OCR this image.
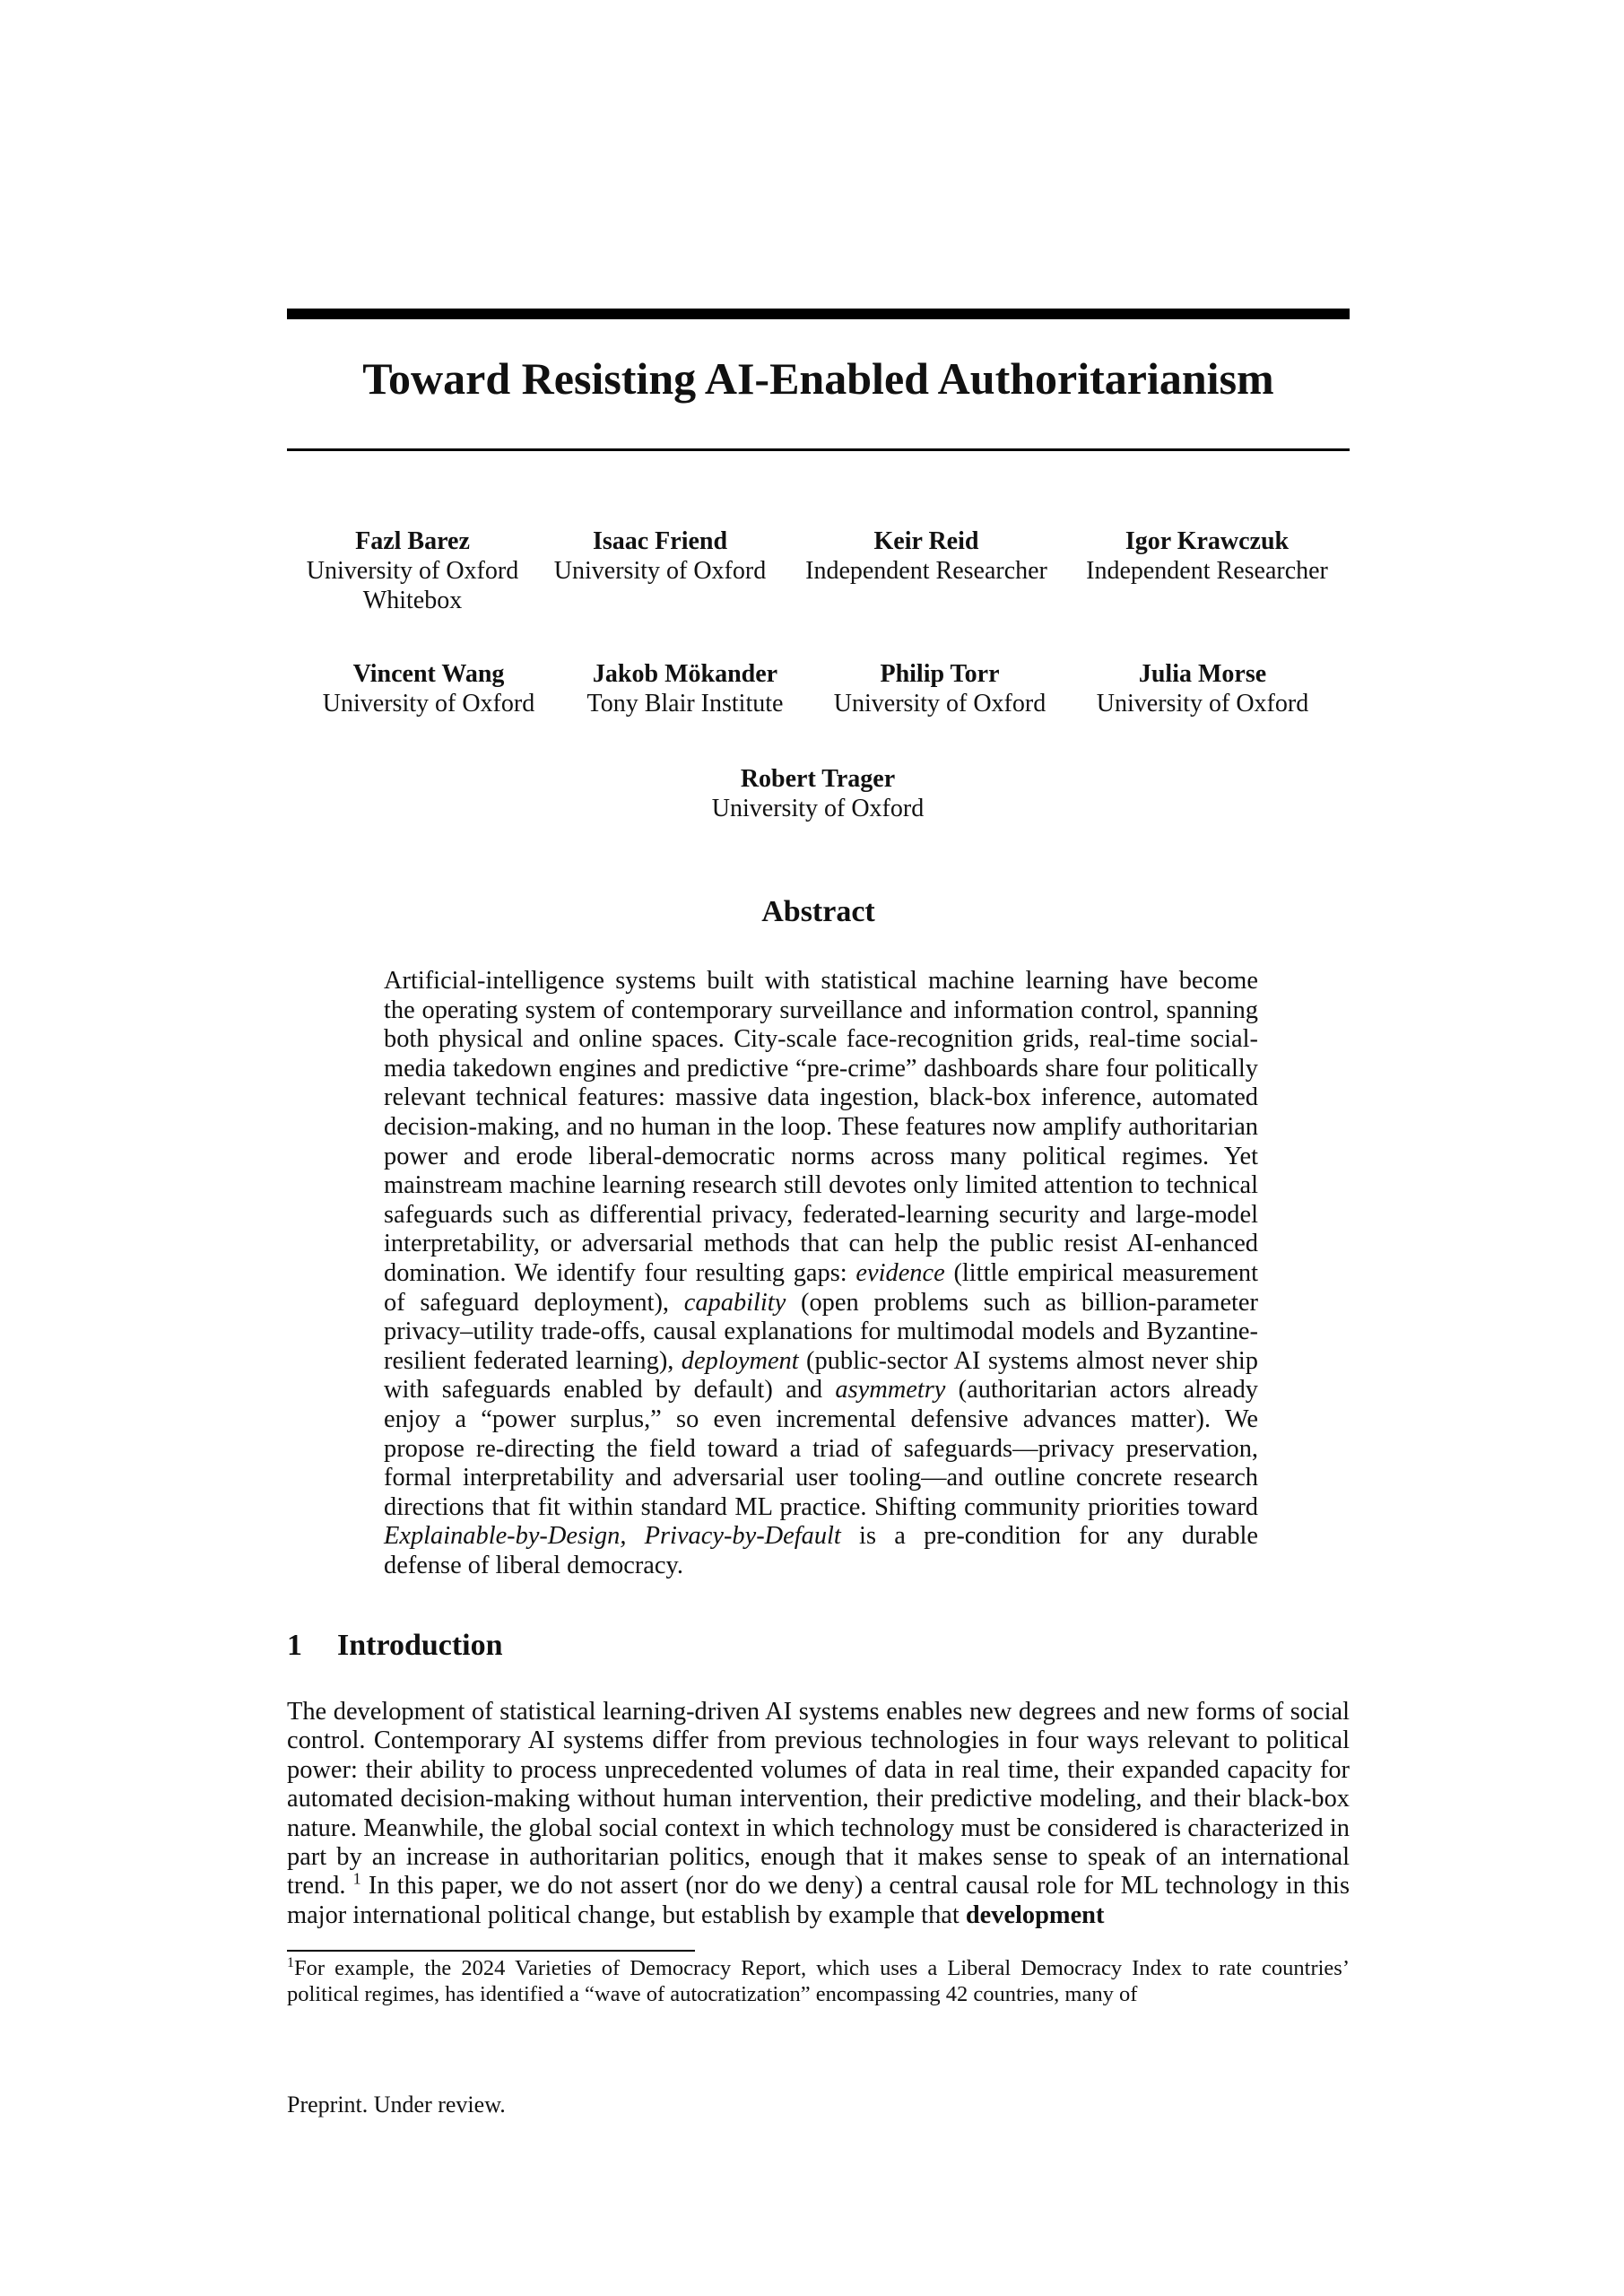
Toward Resisting AI-Enabled Authoritarianism
Fazl Barez
University of Oxford
Whitebox
Isaac Friend
University of Oxford
Keir Reid
Independent Researcher
Igor Krawczuk
Independent Researcher
Vincent Wang
University of Oxford
Jakob Mökander
Tony Blair Institute
Philip Torr
University of Oxford
Julia Morse
University of Oxford
Robert Trager
University of Oxford
Abstract

Artificial-intelligence systems built with statistical machine learning have become the operating system of contemporary surveillance and information control, spanning both physical and online spaces. City-scale face-recognition grids, real-time social-media takedown engines and predictive “pre-crime” dashboards share four politically relevant technical features: massive data ingestion, black-box inference, automated decision-making, and no human in the loop. These features now amplify authoritarian power and erode liberal-democratic norms across many political regimes. Yet mainstream machine learning research still devotes only limited attention to technical safeguards such as differential privacy, federated-learning security and large-model interpretability, or adversarial methods that can help the public resist AI-enhanced domination. We identify four resulting gaps: evidence (little empirical measurement of safeguard deployment), capability (open problems such as billion-parameter privacy–utility trade-offs, causal explanations for multimodal models and Byzantine-resilient federated learning), deployment (public-sector AI systems almost never ship with safeguards enabled by default) and asymmetry (authoritarian actors already enjoy a “power surplus,” so even incremental defensive advances matter). We propose re-directing the field toward a triad of safeguards—privacy preservation, formal interpretability and adversarial user tooling—and outline concrete research directions that fit within standard ML practice. Shifting community priorities toward Explainable-by-Design, Privacy-by-Default is a pre-condition for any durable defense of liberal democracy.

1 Introduction

The development of statistical learning-driven AI systems enables new degrees and new forms of social control. Contemporary AI systems differ from previous technologies in four ways relevant to political power: their ability to process unprecedented volumes of data in real time, their expanded capacity for automated decision-making without human intervention, their predictive modeling, and their black-box nature. Meanwhile, the global social context in which technology must be considered is characterized in part by an increase in authoritarian politics, enough that it makes sense to speak of an international trend. $^1$ In this paper, we do not assert (nor do we deny) a central causal role for ML technology in this major international political change, but establish by example that development

$^1$For example, the 2024 Varieties of Democracy Report, which uses a Liberal Democracy Index to rate countries’ political regimes, has identified a “wave of autocratization” encompassing 42 countries, many of

Preprint. Under review.
